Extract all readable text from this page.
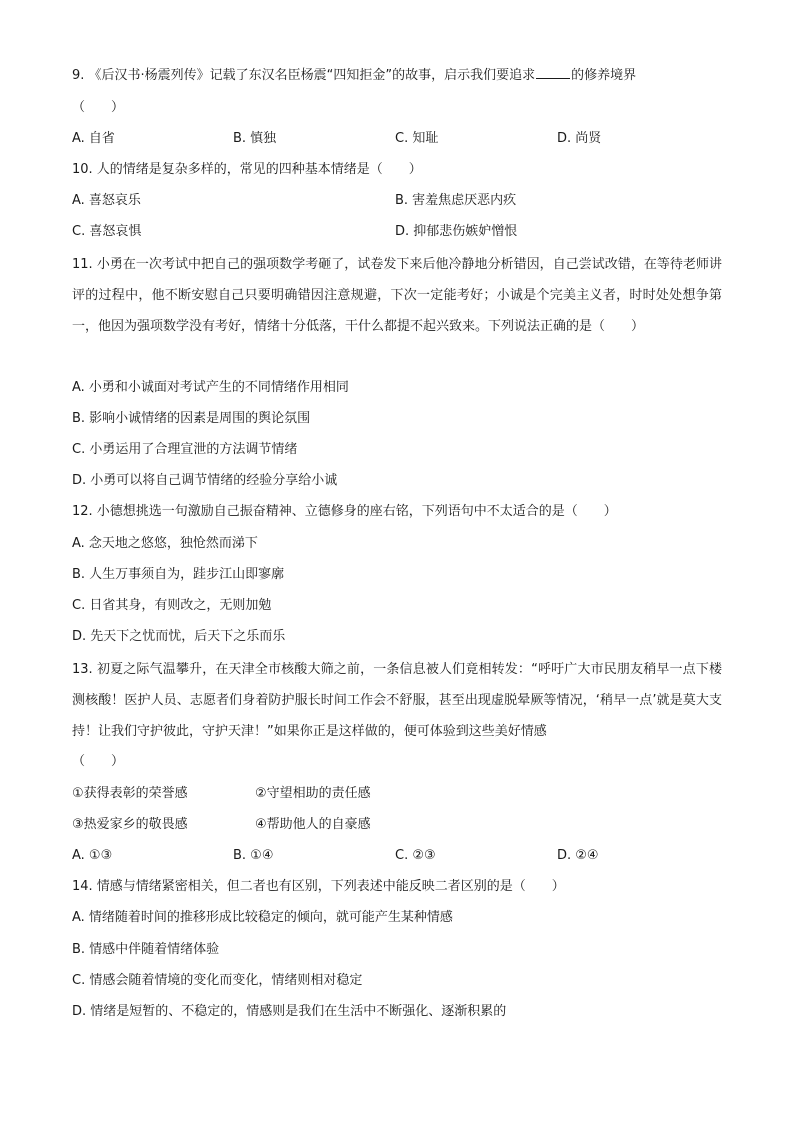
9. 《后汉书·杨震列传》记载了东汉名臣杨震“四知拒金”的故事，启示我们要追求	的修养境界
（　　）
A. 自省	B. 慎独	C. 知耻	D. 尚贤
10. 人的情绪是复杂多样的，常见的四种基本情绪是（　　）
A. 喜怒哀乐	B. 害羞焦虑厌恶内疚
C. 喜怒哀惧	D. 抑郁悲伤嫉妒憎恨
11. 小勇在一次考试中把自己的强项数学考砸了，试卷发下来后他冷静地分析错因，自己尝试改错，在等待老师讲评的过程中，他不断安慰自己只要明确错因注意规避，下次一定能考好；小诚是个完美主义者，时时处处想争第一，他因为强项数学没有考好，情绪十分低落，干什么都提不起兴致来。下列说法正确的是（　　）
A. 小勇和小诚面对考试产生的不同情绪作用相同
B. 影响小诚情绪的因素是周围的舆论氛围
C. 小勇运用了合理宣泄的方法调节情绪
D. 小勇可以将自己调节情绪的经验分享给小诚
12. 小德想挑选一句激励自己振奋精神、立德修身的座右铭，下列语句中不太适合的是（　　）
A. 念天地之悠悠，独怆然而涕下
B. 人生万事须自为，跬步江山即寥廓
C. 日省其身，有则改之，无则加勉
D. 先天下之忧而忧，后天下之乐而乐
13. 初夏之际气温攀升，在天津全市核酸大筛之前，一条信息被人们竟相转发：“呼吁广大市民朋友稍早一点下楼测核酸！医护人员、志愿者们身着防护服长时间工作会不舒服，甚至出现虚脱晕厥等情况，‘稍早一点’就是莫大支持！让我们守护彼此，守护天津！”如果你正是这样做的，便可体验到这些美好情感
（　　）
①获得表彰的荣誉感	②守望相助的责任感
③热爱家乡的敬畏感	④帮助他人的自豪感
A. ①③	B. ①④	C. ②③	D. ②④
14. 情感与情绪紧密相关，但二者也有区别，下列表述中能反映二者区别的是（　　）
A. 情绪随着时间的推移形成比较稳定的倾向，就可能产生某种情感
B. 情感中伴随着情绪体验
C. 情感会随着情境的变化而变化，情绪则相对稳定
D. 情绪是短暂的、不稳定的，情感则是我们在生活中不断强化、逐渐积累的
